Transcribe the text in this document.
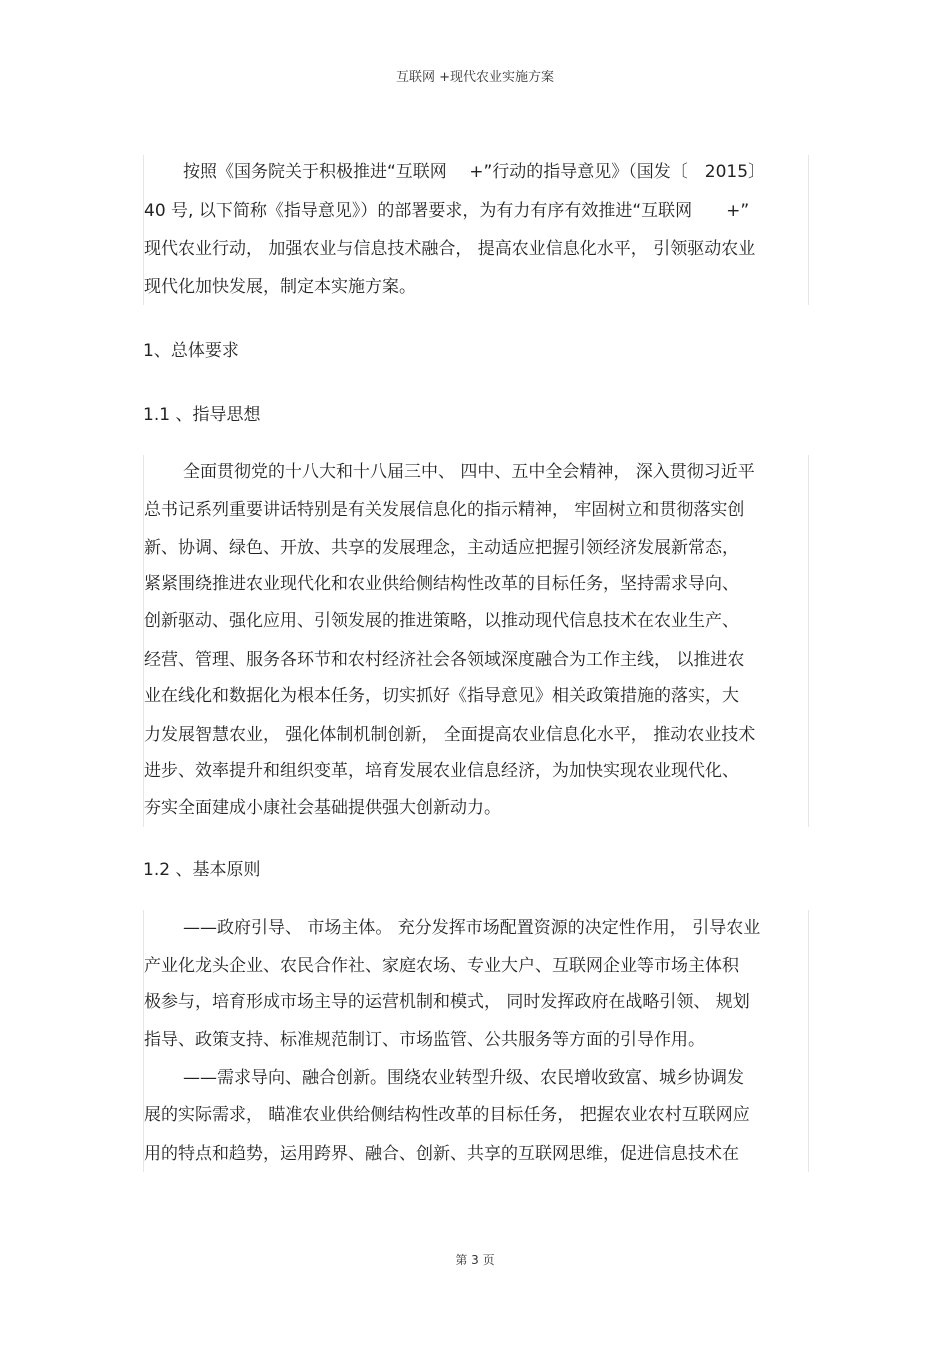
互联网 +现代农业实施方案
按照《国务院关于积极推进“互联网　 +”行动的指导意见》（国发〔　2015〕
40 号, 以下简称《指导意见》）的部署要求，为有力有序有效推进“互联网　　+”
现代农业行动， 加强农业与信息技术融合， 提高农业信息化水平， 引领驱动农业
现代化加快发展，制定本实施方案。
1、总体要求
1.1 、指导思想
全面贯彻党的十八大和十八届三中、 四中、五中全会精神， 深入贯彻习近平
总书记系列重要讲话特别是有关发展信息化的指示精神， 牢固树立和贯彻落实创
新、协调、绿色、开放、共享的发展理念，主动适应把握引领经济发展新常态，
紧紧围绕推进农业现代化和农业供给侧结构性改革的目标任务，坚持需求导向、
创新驱动、强化应用、引领发展的推进策略，以推动现代信息技术在农业生产、
经营、管理、服务各环节和农村经济社会各领域深度融合为工作主线， 以推进农
业在线化和数据化为根本任务，切实抓好《指导意见》相关政策措施的落实，大
力发展智慧农业， 强化体制机制创新， 全面提高农业信息化水平， 推动农业技术
进步、效率提升和组织变革，培育发展农业信息经济，为加快实现农业现代化、
夯实全面建成小康社会基础提供强大创新动力。
1.2 、基本原则
——政府引导、 市场主体。 充分发挥市场配置资源的决定性作用， 引导农业
产业化龙头企业、农民合作社、家庭农场、专业大户、互联网企业等市场主体积
极参与，培育形成市场主导的运营机制和模式， 同时发挥政府在战略引领、 规划
指导、政策支持、标准规范制订、市场监管、公共服务等方面的引导作用。
——需求导向、融合创新。围绕农业转型升级、农民增收致富、城乡协调发
展的实际需求， 瞄准农业供给侧结构性改革的目标任务， 把握农业农村互联网应
用的特点和趋势，运用跨界、融合、创新、共享的互联网思维，促进信息技术在
第 3 页
